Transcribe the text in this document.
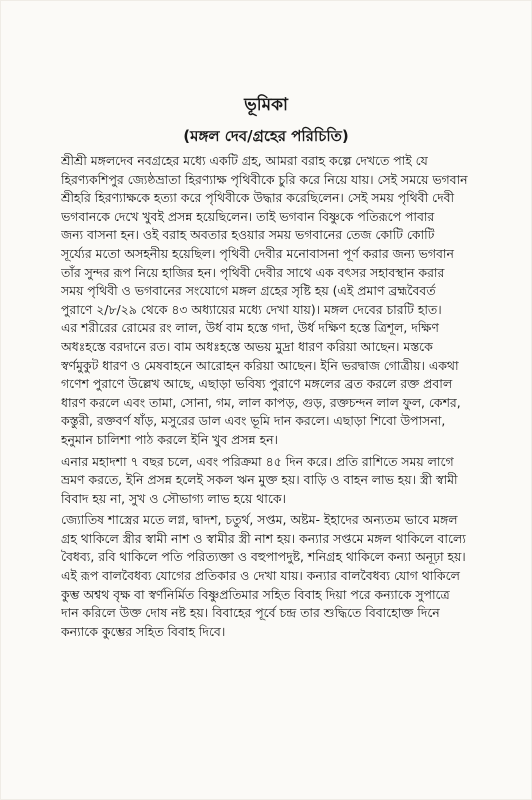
ভূমিকা
(মঙ্গল দেব/গ্রহের পরিচিতি)
শ্রীশ্রী মঙ্গলদেব নবগ্রহের মধ্যে একটি গ্রহ, আমরা বরাহ কল্পে দেখতে পাই যে
হিরণ্যকশিপুর জ্যেষ্ঠভ্রাতা হিরণ্যাক্ষ পৃথিবীকে চুরি করে নিয়ে যায়। সেই সময়ে ভগবান
শ্রীহরি হিরণ্যাক্ষকে হত্যা করে পৃথিবীকে উদ্ধার করেছিলেন। সেই সময় পৃথিবী দেবী
ভগবানকে দেখে খুবই প্রসন্ন হয়েছিলেন। তাই ভগবান বিষ্ণুকে পতিরূপে পাবার
জন্য বাসনা হন। ওই বরাহ অবতার হওয়ার সময় ভগবানের তেজ কোটি কোটি
সূর্য্যের মতো অসহনীয় হয়েছিল। পৃথিবী দেবীর মনোবাসনা পূর্ণ করার জন্য ভগবান
তাঁর সুন্দর রূপ নিয়ে হাজির হন। পৃথিবী দেবীর সাথে এক বৎসর সহাবস্থান করার
সময় পৃথিবী ও ভগবানের সংযোগে মঙ্গল গ্রহের সৃষ্টি হয় (এই প্রমাণ ব্রহ্মবৈবর্ত
পুরাণে ২/৮/২৯ থেকে ৪৩ অধ্যায়ের মধ্যে দেখা যায়)। মঙ্গল দেবের চারটি হাত।
এর শরীরের রোমের রং লাল, উর্ধ বাম হস্তে গদা, উর্ধ দক্ষিণ হস্তে ত্রিশূল, দক্ষিণ
অধঃহস্তে বরদানে রত। বাম অধঃহস্তে অভয় মুদ্রা ধারণ করিয়া আছেন। মস্তকে
স্বর্ণমুকুট ধারণ ও মেষবাহনে আরোহন করিয়া আছেন। ইনি ভরদ্বাজ গোত্রীয়। একথা
গণেশ পুরাণে উল্লেখ আছে, এছাড়া ভবিষ্য পুরাণে মঙ্গলের ব্রত করলে রক্ত প্রবাল
ধারণ করলে এবং তামা, সোনা, গম, লাল কাপড়, গুড়, রক্তচন্দন লাল ফুল, কেশর,
কস্তুরী, রক্তবর্ণ ষাঁড়, মসুরের ডাল এবং ভূমি দান করলে। এছাড়া শিবো উপাসনা,
হনুমান চালিশা পাঠ করলে ইনি খুব প্রসন্ন হন।
এনার মহাদশা ৭ বছর চলে, এবং পরিক্রমা ৪৫ দিন করে। প্রতি রাশিতে সময় লাগে
ভ্রমণ করতে, ইনি প্রসন্ন হলেই সকল ঋন মুক্ত হয়। বাড়ি ও বাহন লাভ হয়। স্ত্রী স্বামী
বিবাদ হয় না, সুখ ও সৌভাগ্য লাভ হয়ে থাকে।
জ্যোতিষ শাস্ত্রের মতে লগ্ন, দ্বাদশ, চতুর্থ, সপ্তম, অষ্টম- ইহাদের অন্যতম ভাবে মঙ্গল
গ্রহ থাকিলে স্ত্রীর স্বামী নাশ ও স্বামীর স্ত্রী নাশ হয়। কন্যার সপ্তমে মঙ্গল থাকিলে বাল্যে
বৈধব্য, রবি থাকিলে পতি পরিত্যক্তা ও বহুপাপদুষ্ট, শনিগ্রহ থাকিলে কন্যা অনূঢ়া হয়।
এই রূপ বালবৈধব্য যোগের প্রতিকার ও দেখা যায়। কন্যার বালবৈধব্য যোগ থাকিলে
কুম্ভ অশ্বথ বৃক্ষ বা স্বর্ণনির্মিত বিষ্ণুপ্রতিমার সহিত বিবাহ দিয়া পরে কন্যাকে সুপাত্রে
দান করিলে উক্ত দোষ নষ্ট হয়। বিবাহের পূর্বে চন্দ্র তার শুদ্ধিতে বিবাহোক্ত দিনে
কন্যাকে কুম্ভের সহিত বিবাহ দিবে।
